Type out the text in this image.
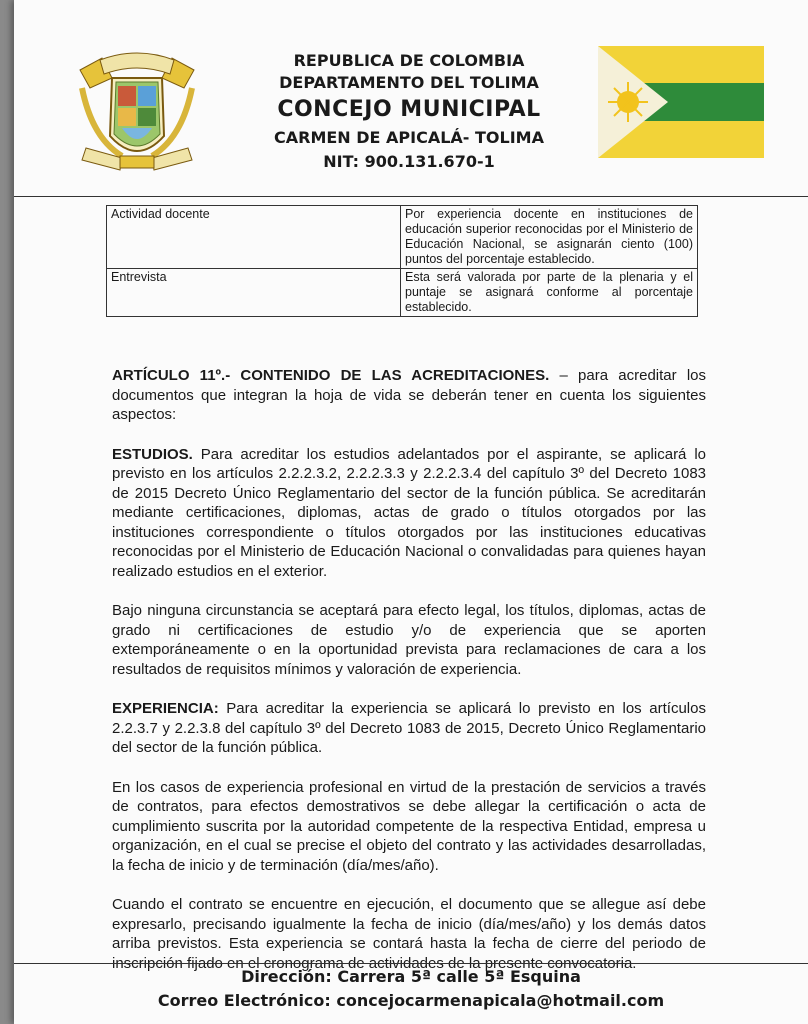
REPUBLICA DE COLOMBIA
DEPARTAMENTO DEL TOLIMA
CONCEJO MUNICIPAL
CARMEN DE APICALÁ- TOLIMA
NIT: 900.131.670-1
Actividad docente	Por experiencia docente en instituciones de educación superior reconocidas por el Ministerio de Educación Nacional, se asignarán ciento (100) puntos del porcentaje establecido.
Entrevista	Esta será valorada por parte de la plenaria y el puntaje se asignará conforme al porcentaje establecido.

ARTÍCULO 11º.- CONTENIDO DE LAS ACREDITACIONES. – para acreditar los documentos que integran la hoja de vida se deberán tener en cuenta los siguientes aspectos:

ESTUDIOS. Para acreditar los estudios adelantados por el aspirante, se aplicará lo previsto en los artículos 2.2.2.3.2, 2.2.2.3.3 y 2.2.2.3.4 del capítulo 3º del Decreto 1083 de 2015 Decreto Único Reglamentario del sector de la función pública. Se acreditarán mediante certificaciones, diplomas, actas de grado o títulos otorgados por las instituciones correspondiente o títulos otorgados por las instituciones educativas reconocidas por el Ministerio de Educación Nacional o convalidadas para quienes hayan realizado estudios en el exterior.

Bajo ninguna circunstancia se aceptará para efecto legal, los títulos, diplomas, actas de grado ni certificaciones de estudio y/o de experiencia que se aporten extemporáneamente o en la oportunidad prevista para reclamaciones de cara a los resultados de requisitos mínimos y valoración de experiencia.

EXPERIENCIA: Para acreditar la experiencia se aplicará lo previsto en los artículos 2.2.3.7 y 2.2.3.8 del capítulo 3º del Decreto 1083 de 2015, Decreto Único Reglamentario del sector de la función pública.

En los casos de experiencia profesional en virtud de la prestación de servicios a través de contratos, para efectos demostrativos se debe allegar la certificación o acta de cumplimiento suscrita por la autoridad competente de la respectiva Entidad, empresa u organización, en el cual se precise el objeto del contrato y las actividades desarrolladas, la fecha de inicio y de terminación (día/mes/año).

Cuando el contrato se encuentre en ejecución, el documento que se allegue así debe expresarlo, precisando igualmente la fecha de inicio (día/mes/año) y los demás datos arriba previstos. Esta experiencia se contará hasta la fecha de cierre del periodo de inscripción fijado en el cronograma de actividades de la presente convocatoria.

Dirección: Carrera 5ª calle 5ª Esquina
Correo Electrónico: concejocarmenapicala@hotmail.com
